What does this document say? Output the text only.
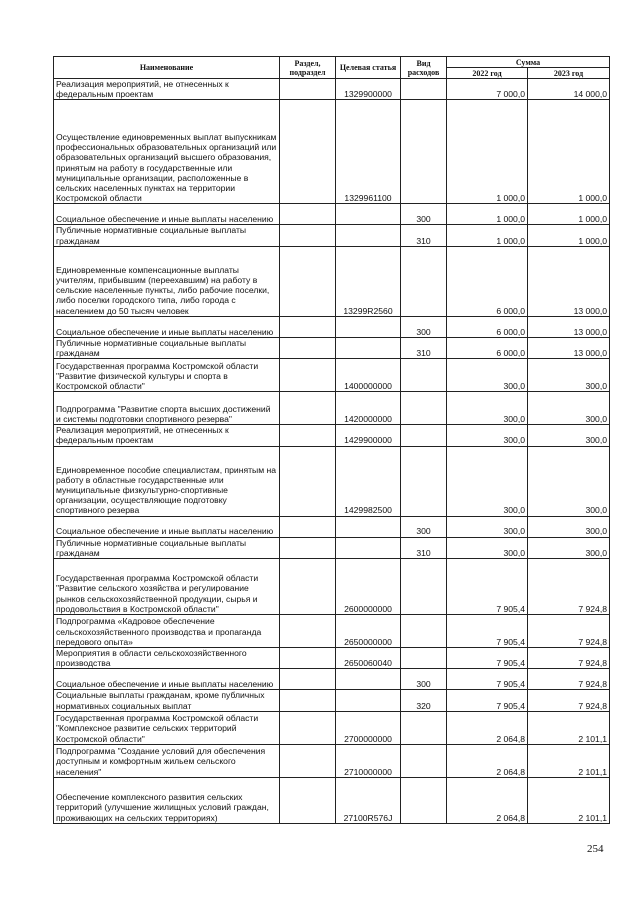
Наименование	Раздел, подраздел	Целевая статья	Вид расходов	Сумма	
				2022 год	2023 год
Реализация мероприятий, не отнесенных к федеральным проектам		1329900000		7 000,0	14 000,0
Осуществление единовременных выплат выпускникам профессиональных образовательных организаций или образовательных организаций высшего образования, принятым на работу в государственные или муниципальные организации, расположенные в сельских населенных пунктах на территории Костромской области		1329961100		1 000,0	1 000,0
Социальное обеспечение и иные выплаты населению			300	1 000,0	1 000,0
Публичные нормативные социальные выплаты гражданам			310	1 000,0	1 000,0
Единовременные компенсационные выплаты учителям, прибывшим (переехавшим) на работу в сельские населенные пункты, либо рабочие поселки, либо поселки городского типа, либо города с населением до 50 тысяч человек		13299R2560		6 000,0	13 000,0
Социальное обеспечение и иные выплаты населению			300	6 000,0	13 000,0
Публичные нормативные социальные выплаты гражданам			310	6 000,0	13 000,0
Государственная программа Костромской области "Развитие физической культуры и спорта в Костромской области"		1400000000		300,0	300,0
Подпрограмма "Развитие спорта высших достижений и системы подготовки спортивного резерва"		1420000000		300,0	300,0
Реализация мероприятий, не отнесенных к федеральным проектам		1429900000		300,0	300,0
Единовременное пособие специалистам, принятым на работу в областные государственные или муниципальные физкультурно-спортивные организации, осуществляющие подготовку спортивного резерва		1429982500		300,0	300,0
Социальное обеспечение и иные выплаты населению			300	300,0	300,0
Публичные нормативные социальные выплаты гражданам			310	300,0	300,0
Государственная программа Костромской области "Развитие сельского хозяйства и регулирование рынков сельскохозяйственной продукции, сырья и продовольствия в Костромской области"		2600000000		7 905,4	7 924,8
Подпрограмма «Кадровое обеспечение сельскохозяйственного производства и пропаганда передового опыта»		2650000000		7 905,4	7 924,8
Мероприятия в области сельскохозяйственного производства		2650060040		7 905,4	7 924,8
Социальное обеспечение и иные выплаты населению			300	7 905,4	7 924,8
Социальные выплаты гражданам, кроме публичных нормативных социальных выплат			320	7 905,4	7 924,8
Государственная программа Костромской области "Комплексное развитие сельских территорий Костромской области"		2700000000		2 064,8	2 101,1
Подпрограмма "Создание условий для обеспечения доступным и комфортным жильем сельского населения"		2710000000		2 064,8	2 101,1
Обеспечение комплексного развития сельских территорий (улучшение жилищных условий граждан, проживающих на сельских территориях)		27100R576J		2 064,8	2 101,1
254
